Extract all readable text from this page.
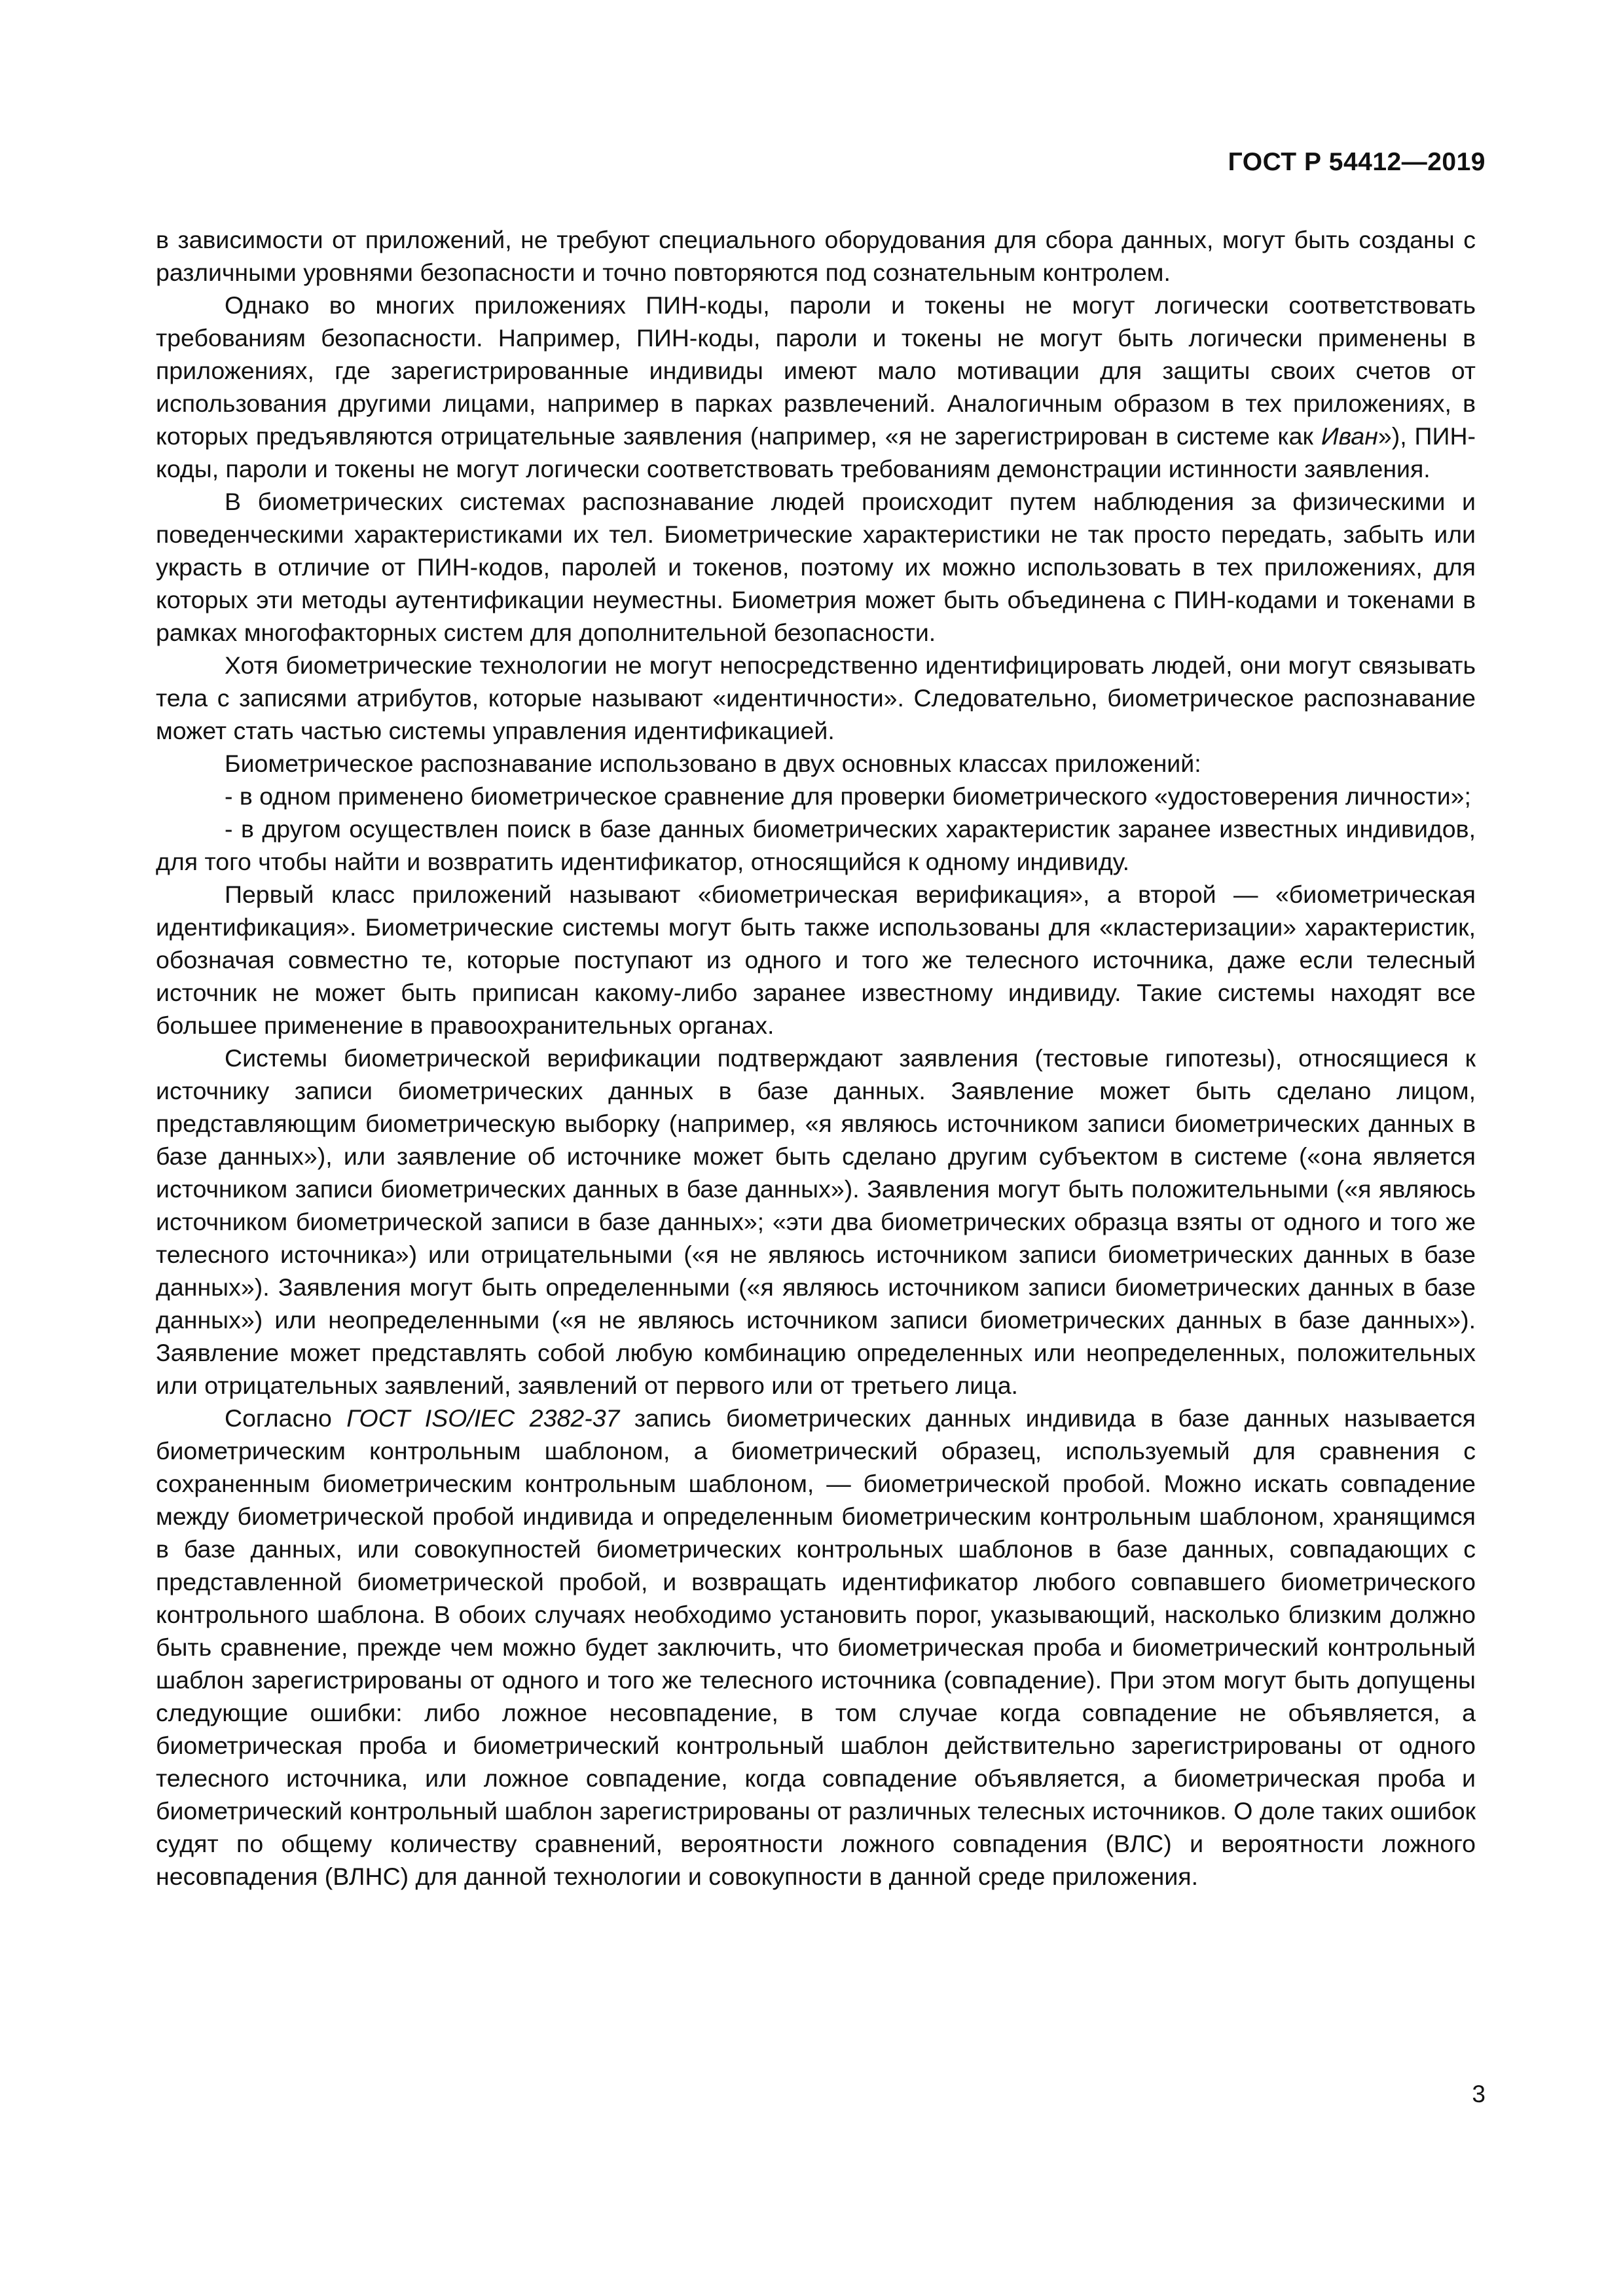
ГОСТ Р 54412—2019

в зависимости от приложений, не требуют специального оборудования для сбора данных, могут быть созданы с различными уровнями безопасности и точно повторяются под сознательным контролем.

Однако во многих приложениях ПИН-коды, пароли и токены не могут логически соответствовать требованиям безопасности. Например, ПИН-коды, пароли и токены не могут быть логически применены в приложениях, где зарегистрированные индивиды имеют мало мотивации для защиты своих счетов от использования другими лицами, например в парках развлечений. Аналогичным образом в тех приложениях, в которых предъявляются отрицательные заявления (например, «я не зарегистрирован в системе как Иван»), ПИН-коды, пароли и токены не могут логически соответствовать требованиям демонстрации истинности заявления.

В биометрических системах распознавание людей происходит путем наблюдения за физическими и поведенческими характеристиками их тел. Биометрические характеристики не так просто передать, забыть или украсть в отличие от ПИН-кодов, паролей и токенов, поэтому их можно использовать в тех приложениях, для которых эти методы аутентификации неуместны. Биометрия может быть объединена с ПИН-кодами и токенами в рамках многофакторных систем для дополнительной безопасности.

Хотя биометрические технологии не могут непосредственно идентифицировать людей, они могут связывать тела с записями атрибутов, которые называют «идентичности». Следовательно, биометрическое распознавание может стать частью системы управления идентификацией.

Биометрическое распознавание использовано в двух основных классах приложений:

- в одном применено биометрическое сравнение для проверки биометрического «удостоверения личности»;

- в другом осуществлен поиск в базе данных биометрических характеристик заранее известных индивидов, для того чтобы найти и возвратить идентификатор, относящийся к одному индивиду.

Первый класс приложений называют «биометрическая верификация», а второй — «биометрическая идентификация». Биометрические системы могут быть также использованы для «кластеризации» характеристик, обозначая совместно те, которые поступают из одного и того же телесного источника, даже если телесный источник не может быть приписан какому-либо заранее известному индивиду. Такие системы находят все большее применение в правоохранительных органах.

Системы биометрической верификации подтверждают заявления (тестовые гипотезы), относящиеся к источнику записи биометрических данных в базе данных. Заявление может быть сделано лицом, представляющим биометрическую выборку (например, «я являюсь источником записи биометрических данных в базе данных»), или заявление об источнике может быть сделано другим субъектом в системе («она является источником записи биометрических данных в базе данных»). Заявления могут быть положительными («я являюсь источником биометрической записи в базе данных»; «эти два биометрических образца взяты от одного и того же телесного источника») или отрицательными («я не являюсь источником записи биометрических данных в базе данных»). Заявления могут быть определенными («я являюсь источником записи биометрических данных в базе данных») или неопределенными («я не являюсь источником записи биометрических данных в базе данных»). Заявление может представлять собой любую комбинацию определенных или неопределенных, положительных или отрицательных заявлений, заявлений от первого или от третьего лица.

Согласно ГОСТ ISO/IEC 2382-37 запись биометрических данных индивида в базе данных называется биометрическим контрольным шаблоном, а биометрический образец, используемый для сравнения с сохраненным биометрическим контрольным шаблоном, — биометрической пробой. Можно искать совпадение между биометрической пробой индивида и определенным биометрическим контрольным шаблоном, хранящимся в базе данных, или совокупностей биометрических контрольных шаблонов в базе данных, совпадающих с представленной биометрической пробой, и возвращать идентификатор любого совпавшего биометрического контрольного шаблона. В обоих случаях необходимо установить порог, указывающий, насколько близким должно быть сравнение, прежде чем можно будет заключить, что биометрическая проба и биометрический контрольный шаблон зарегистрированы от одного и того же телесного источника (совпадение). При этом могут быть допущены следующие ошибки: либо ложное несовпадение, в том случае когда совпадение не объявляется, а биометрическая проба и биометрический контрольный шаблон действительно зарегистрированы от одного телесного источника, или ложное совпадение, когда совпадение объявляется, а биометрическая проба и биометрический контрольный шаблон зарегистрированы от различных телесных источников. О доле таких ошибок судят по общему количеству сравнений, вероятности ложного совпадения (ВЛС) и вероятности ложного несовпадения (ВЛНС) для данной технологии и совокупности в данной среде приложения.

3
